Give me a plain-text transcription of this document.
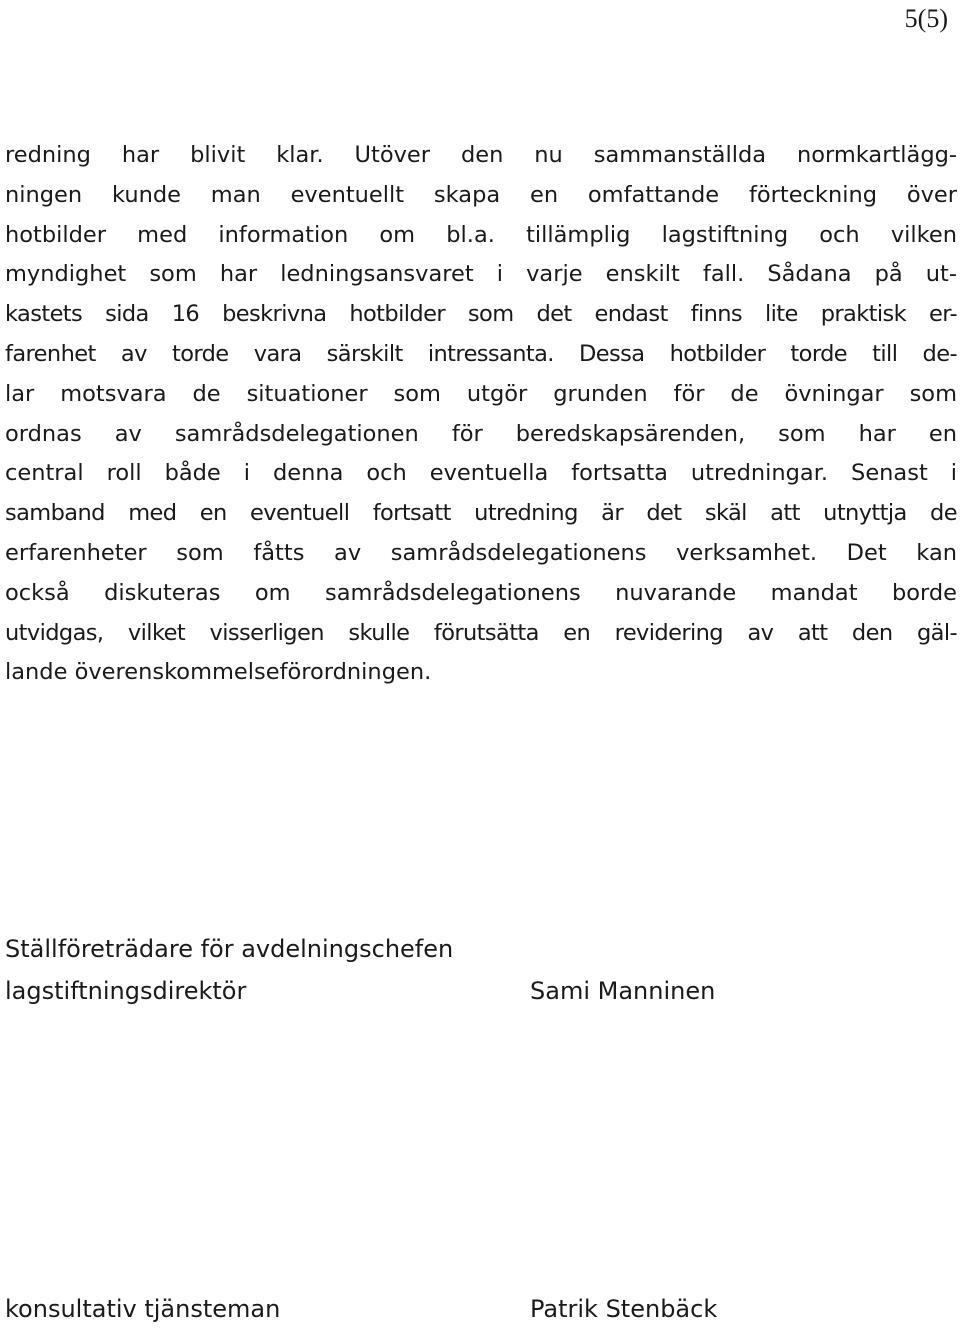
5(5)
redning har blivit klar. Utöver den nu sammanställda normkartlägg-
ningen kunde man eventuellt skapa en omfattande förteckning över
hotbilder med information om bl.a. tillämplig lagstiftning och vilken
myndighet som har ledningsansvaret i varje enskilt fall. Sådana på ut-
kastets sida 16 beskrivna hotbilder som det endast finns lite praktisk er-
farenhet av torde vara särskilt intressanta. Dessa hotbilder torde till de-
lar motsvara de situationer som utgör grunden för de övningar som
ordnas av samrådsdelegationen för beredskapsärenden, som har en
central roll både i denna och eventuella fortsatta utredningar. Senast i
samband med en eventuell fortsatt utredning är det skäl att utnyttja de
erfarenheter som fåtts av samrådsdelegationens verksamhet. Det kan
också diskuteras om samrådsdelegationens nuvarande mandat borde
utvidgas, vilket visserligen skulle förutsätta en revidering av att den gäl-
lande överenskommelseförordningen.
Ställföreträdare för avdelningschefen
lagstiftningsdirektör	Sami Manninen
konsultativ tjänsteman	Patrik Stenbäck
